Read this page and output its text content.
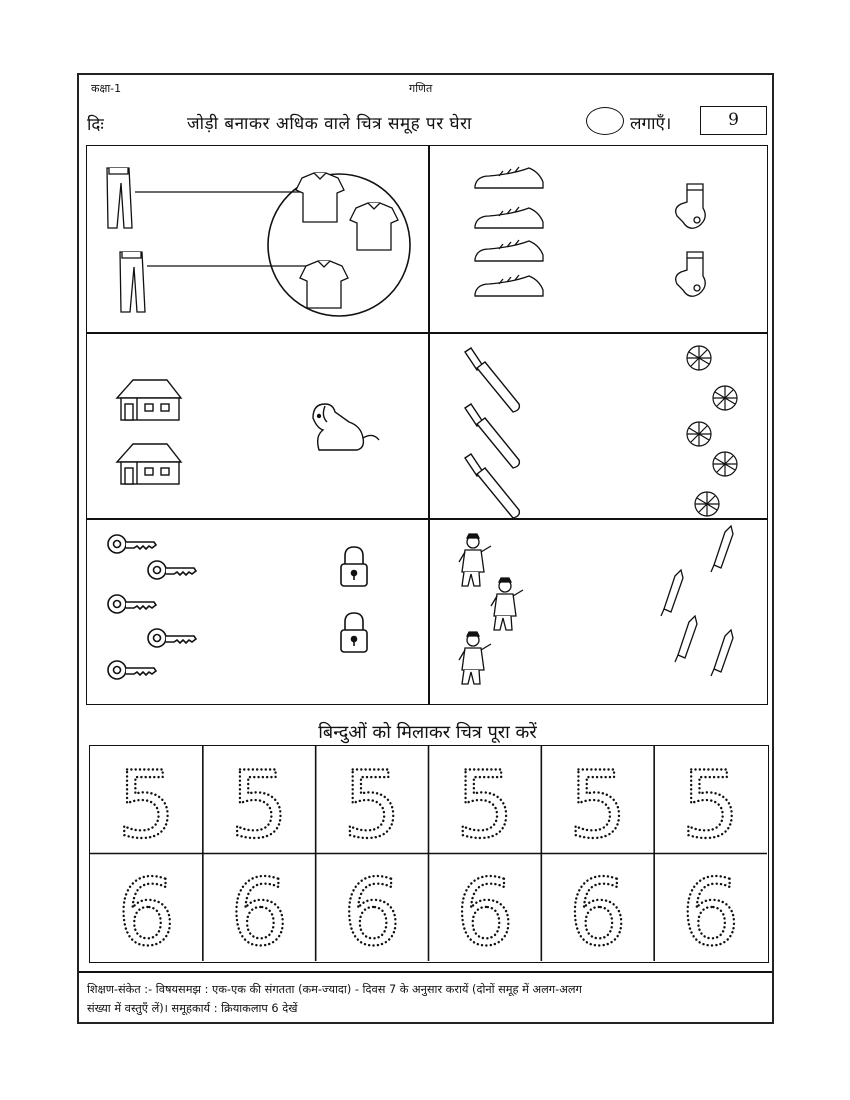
कक्षा-1	गणित
दिः	जोड़ी बनाकर अधिक वाले चित्र समूह पर घेरा	लगाएँ।	9
बिन्दुओं को मिलाकर चित्र पूरा करें
5 5 5 5 5 5
6 6 6 6 6 6
शिक्षण-संकेत :- विषयसमझ : एक-एक की संगतता (कम-ज्यादा) - दिवस 7 के अनुसार करायें (दोनों समूह में अलग-अलग
संख्या में वस्तुएँ लें)। समूहकार्य : क्रियाकलाप 6 देखें
